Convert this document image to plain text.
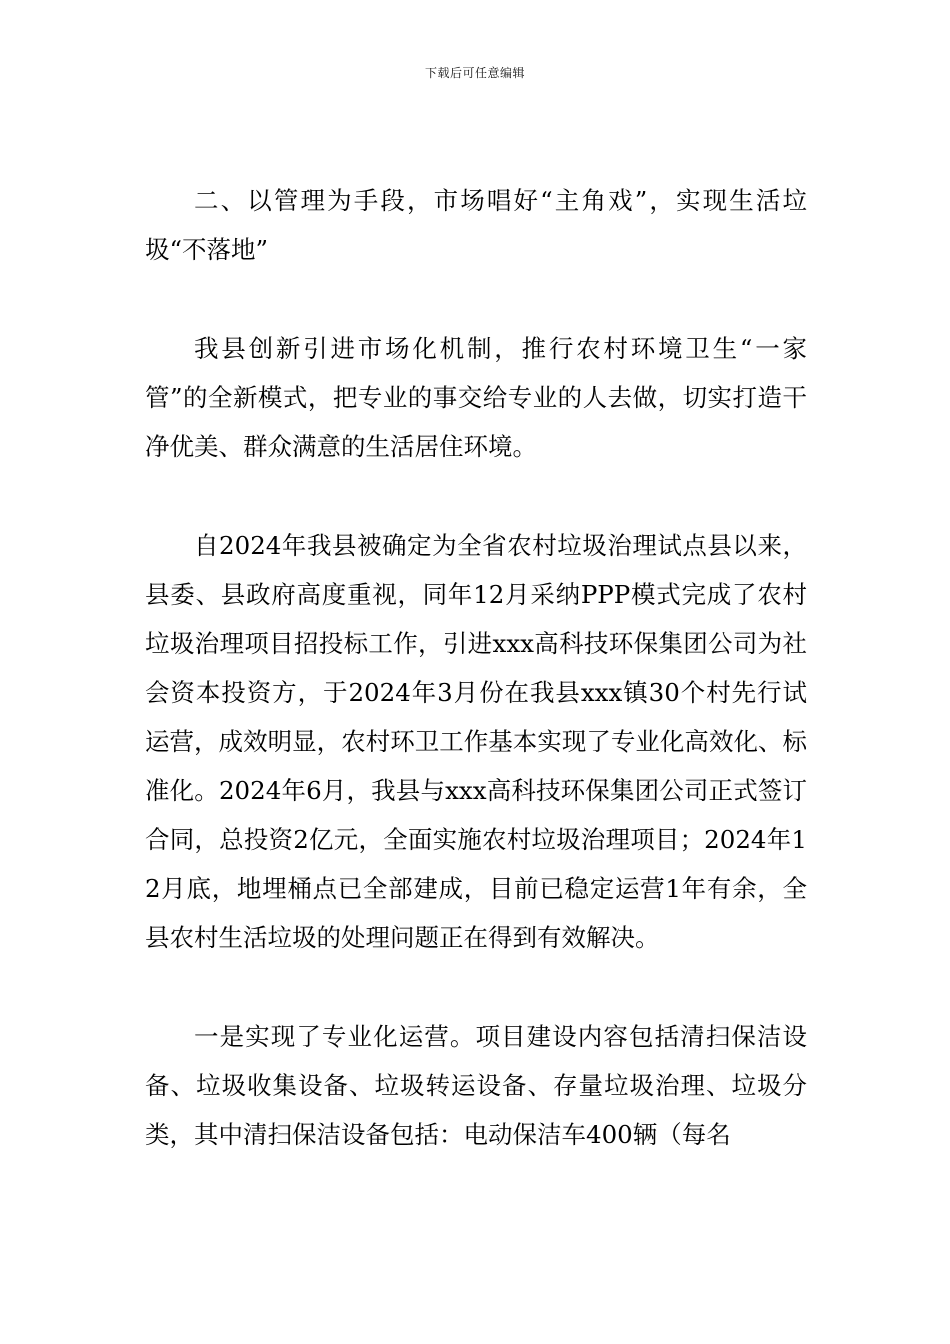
下载后可任意编辑

二、以管理为手段，市场唱好“主角戏”，实现生活垃圾“不落地”

我县创新引进市场化机制，推行农村环境卫生“一家管”的全新模式，把专业的事交给专业的人去做，切实打造干净优美、群众满意的生活居住环境。

自2024年我县被确定为全省农村垃圾治理试点县以来，县委、县政府高度重视，同年12月采纳PPP模式完成了农村垃圾治理项目招投标工作，引进xxx高科技环保集团公司为社会资本投资方，于2024年3月份在我县xxx镇30个村先行试运营，成效明显，农村环卫工作基本实现了专业化高效化、标准化。2024年6月，我县与xxx高科技环保集团公司正式签订合同，总投资2亿元，全面实施农村垃圾治理项目；2024年12月底，地埋桶点已全部建成，目前已稳定运营1年有余，全县农村生活垃圾的处理问题正在得到有效解决。

一是实现了专业化运营。项目建设内容包括清扫保洁设备、垃圾收集设备、垃圾转运设备、存量垃圾治理、垃圾分类，其中清扫保洁设备包括：电动保洁车400辆（每名
